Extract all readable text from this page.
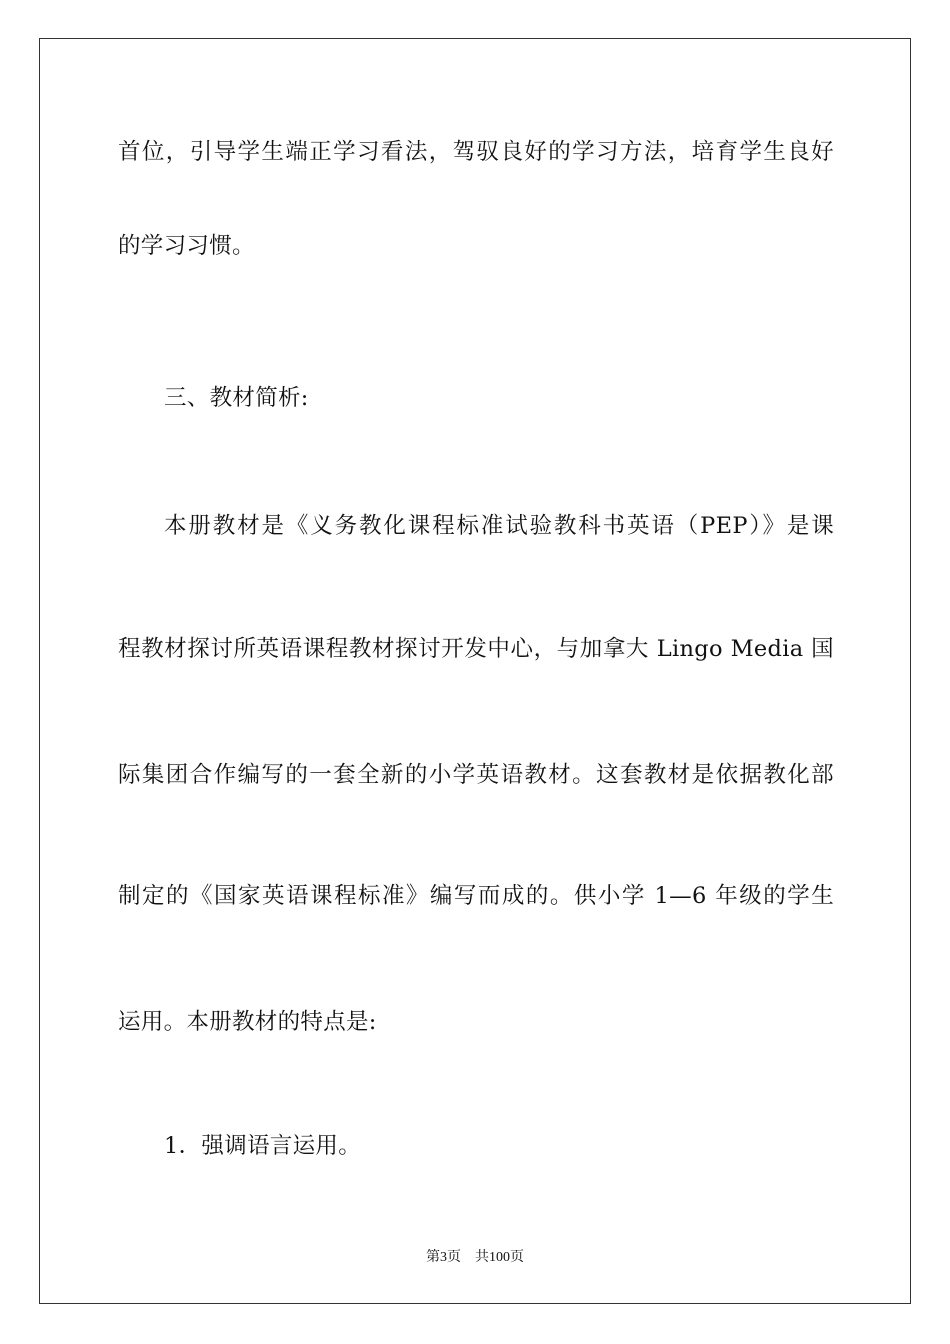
首位，引导学生端正学习看法，驾驭良好的学习方法，培育学生良好
的学习习惯。
三、教材简析:
本册教材是《义务教化课程标准试验教科书英语（PEP）》是课
程教材探讨所英语课程教材探讨开发中心，与加拿大 Lingo Media 国
际集团合作编写的一套全新的小学英语教材。这套教材是依据教化部
制定的《国家英语课程标准》编写而成的。供小学 1—6 年级的学生
运用。本册教材的特点是:
1．强调语言运用。
第3页 共100页
